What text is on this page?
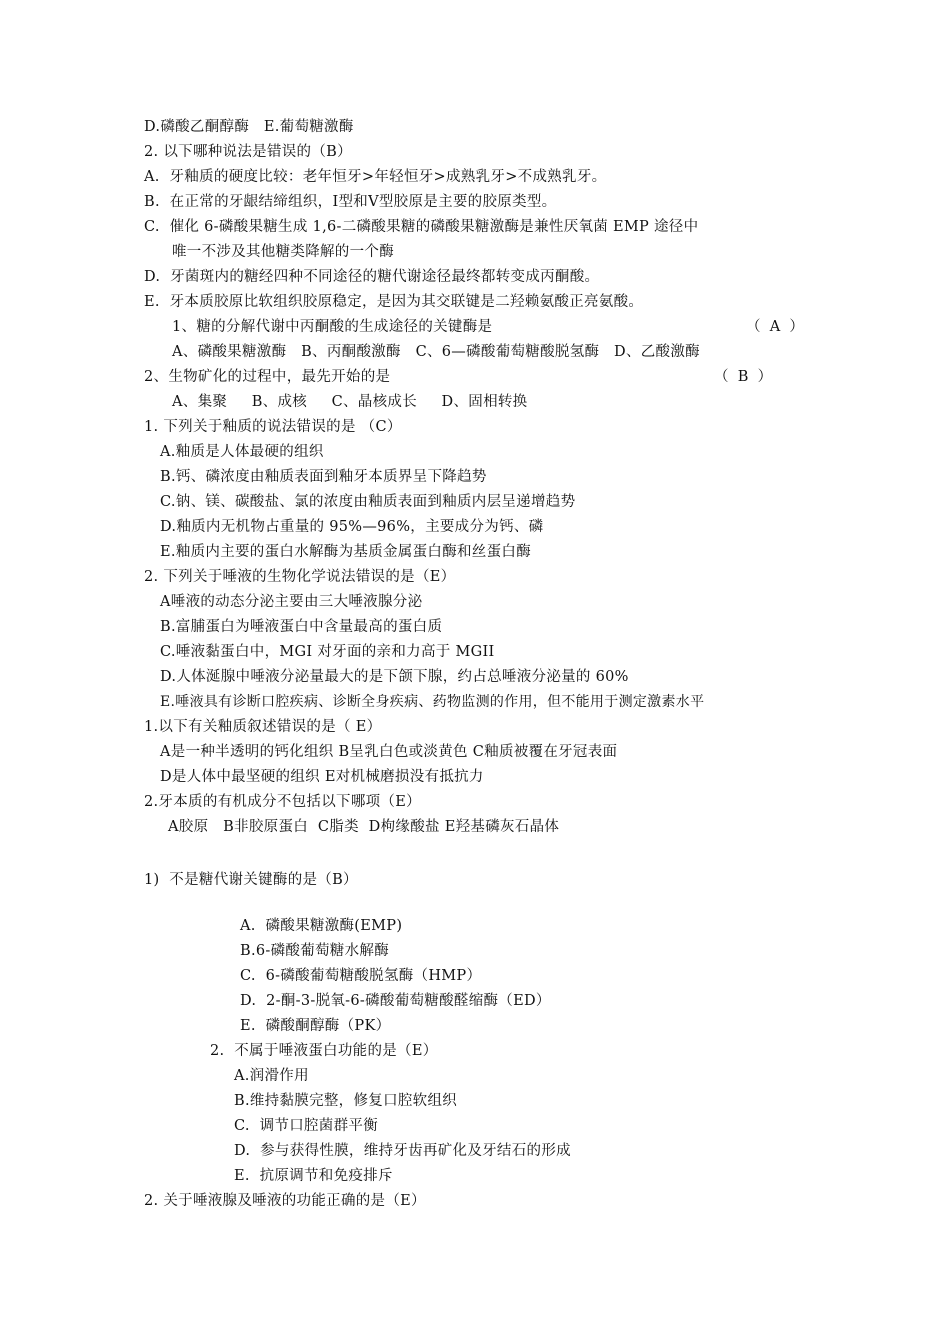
D.磷酸乙酮醇酶   E.葡萄糖激酶
2. 以下哪种说法是错误的（B）
A.  牙釉质的硬度比较：老年恒牙>年轻恒牙>成熟乳牙>不成熟乳牙。
B.  在正常的牙龈结缔组织，Ⅰ型和Ⅴ型胶原是主要的胶原类型。
C.  催化 6-磷酸果糖生成 1,6-二磷酸果糖的磷酸果糖激酶是兼性厌氧菌 EMP 途径中
唯一不涉及其他糖类降解的一个酶
D.  牙菌斑内的糖经四种不同途径的糖代谢途径最终都转变成丙酮酸。
E.  牙本质胶原比软组织胶原稳定，是因为其交联键是二羟赖氨酸正亮氨酸。
1、糖的分解代谢中丙酮酸的生成途径的关键酶是	（  A  ）
A、磷酸果糖激酶   B、丙酮酸激酶   C、6—磷酸葡萄糖酸脱氢酶   D、乙酸激酶
2、生物矿化的过程中，最先开始的是	（  B  ）
A、集聚     B、成核     C、晶核成长     D、固相转换
1. 下列关于釉质的说法错误的是 （C）
A.釉质是人体最硬的组织
B.钙、磷浓度由釉质表面到釉牙本质界呈下降趋势
C.钠、镁、碳酸盐、氯的浓度由釉质表面到釉质内层呈递增趋势
D.釉质内无机物占重量的 95%—96%，主要成分为钙、磷
E.釉质内主要的蛋白水解酶为基质金属蛋白酶和丝蛋白酶
2. 下列关于唾液的生物化学说法错误的是（E）
A唾液的动态分泌主要由三大唾液腺分泌
B.富脯蛋白为唾液蛋白中含量最高的蛋白质
C.唾液黏蛋白中，MGI 对牙面的亲和力高于 MGII
D.人体涎腺中唾液分泌量最大的是下颌下腺，约占总唾液分泌量的 60%
E.唾液具有诊断口腔疾病、诊断全身疾病、药物监测的作用，但不能用于测定激素水平
1.以下有关釉质叙述错误的是（ E）
A是一种半透明的钙化组织 B呈乳白色或淡黄色 C釉质被覆在牙冠表面
D是人体中最坚硬的组织 E对机械磨损没有抵抗力
2.牙本质的有机成分不包括以下哪项（E）
A胶原   B非胶原蛋白  C脂类  D枸缘酸盐 E羟基磷灰石晶体
1)  不是糖代谢关键酶的是（B）
A.  磷酸果糖激酶(EMP)
B.6-磷酸葡萄糖水解酶
C.  6-磷酸葡萄糖酸脱氢酶（HMP）
D.  2-酮-3-脱氧-6-磷酸葡萄糖酸醛缩酶（ED）
E.  磷酸酮醇酶（PK）
2.  不属于唾液蛋白功能的是（E）
A.润滑作用
B.维持黏膜完整，修复口腔软组织
C.  调节口腔菌群平衡
D.  参与获得性膜，维持牙齿再矿化及牙结石的形成
E.  抗原调节和免疫排斥
2. 关于唾液腺及唾液的功能正确的是（E）
